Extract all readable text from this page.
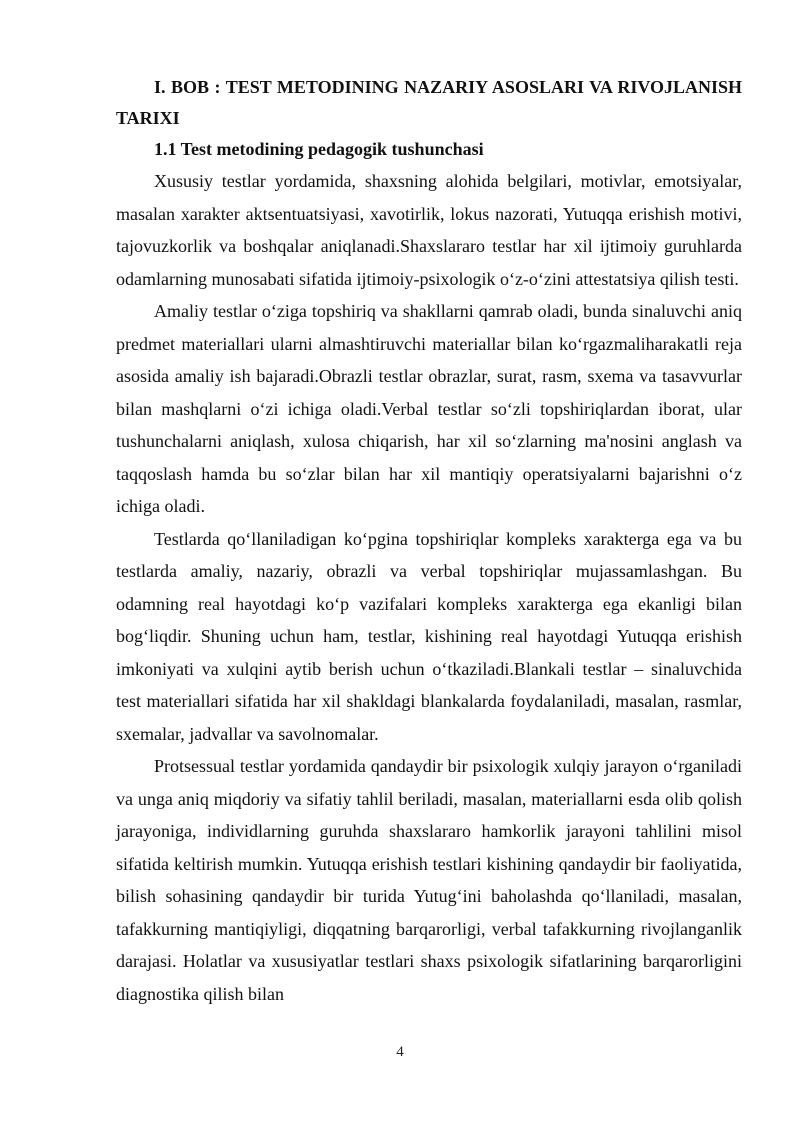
I. BOB : TEST METODINING NAZARIY ASOSLARI VA RIVOJLANISH TARIXI

1.1 Test metodining pedagogik tushunchasi

Xususiy testlar yordamida, shaxsning alohida belgilari, motivlar, emotsiyalar, masalan xarakter aktsentuatsiyasi, xavotirlik, lokus nazorati, Yutuqqa erishish motivi, tajovuzkorlik va boshqalar aniqlanadi.Shaxslararo testlar har xil ijtimoiy guruhlarda odamlarning munosabati sifatida ijtimoiy-psixologik o‘z-o‘zini attestatsiya qilish testi.

Amaliy testlar o‘ziga topshiriq va shakllarni qamrab oladi, bunda sinaluvchi aniq predmet materiallari ularni almashtiruvchi materiallar bilan ko‘rgazmaliharakatli reja asosida amaliy ish bajaradi.Obrazli testlar obrazlar, surat, rasm, sxema va tasavvurlar bilan mashqlarni o‘zi ichiga oladi.Verbal testlar so‘zli topshiriqlardan iborat, ular tushunchalarni aniqlash, xulosa chiqarish, har xil so‘zlarning ma'nosini anglash va taqqoslash hamda bu so‘zlar bilan har xil mantiqiy operatsiyalarni bajarishni o‘z ichiga oladi.

Testlarda qo‘llaniladigan ko‘pgina topshiriqlar kompleks xarakterga ega va bu testlarda amaliy, nazariy, obrazli va verbal topshiriqlar mujassamlashgan. Bu odamning real hayotdagi ko‘p vazifalari kompleks xarakterga ega ekanligi bilan bog‘liqdir. Shuning uchun ham, testlar, kishining real hayotdagi Yutuqqa erishish imkoniyati va xulqini aytib berish uchun o‘tkaziladi.Blankali testlar – sinaluvchida test materiallari sifatida har xil shakldagi blankalarda foydalaniladi, masalan, rasmlar, sxemalar, jadvallar va savolnomalar.

Protsessual testlar yordamida qandaydir bir psixologik xulqiy jarayon o‘rganiladi va unga aniq miqdoriy va sifatiy tahlil beriladi, masalan, materiallarni esda olib qolish jarayoniga, individlarning guruhda shaxslararo hamkorlik jarayoni tahlilini misol sifatida keltirish mumkin. Yutuqqa erishish testlari kishining qandaydir bir faoliyatida, bilish sohasining qandaydir bir turida Yutug‘ini baholashda qo‘llaniladi, masalan, tafakkurning mantiqiyligi, diqqatning barqarorligi, verbal tafakkurning rivojlanganlik darajasi. Holatlar va xususiyatlar testlari shaxs psixologik sifatlarining barqarorligini diagnostika qilish bilan

4
